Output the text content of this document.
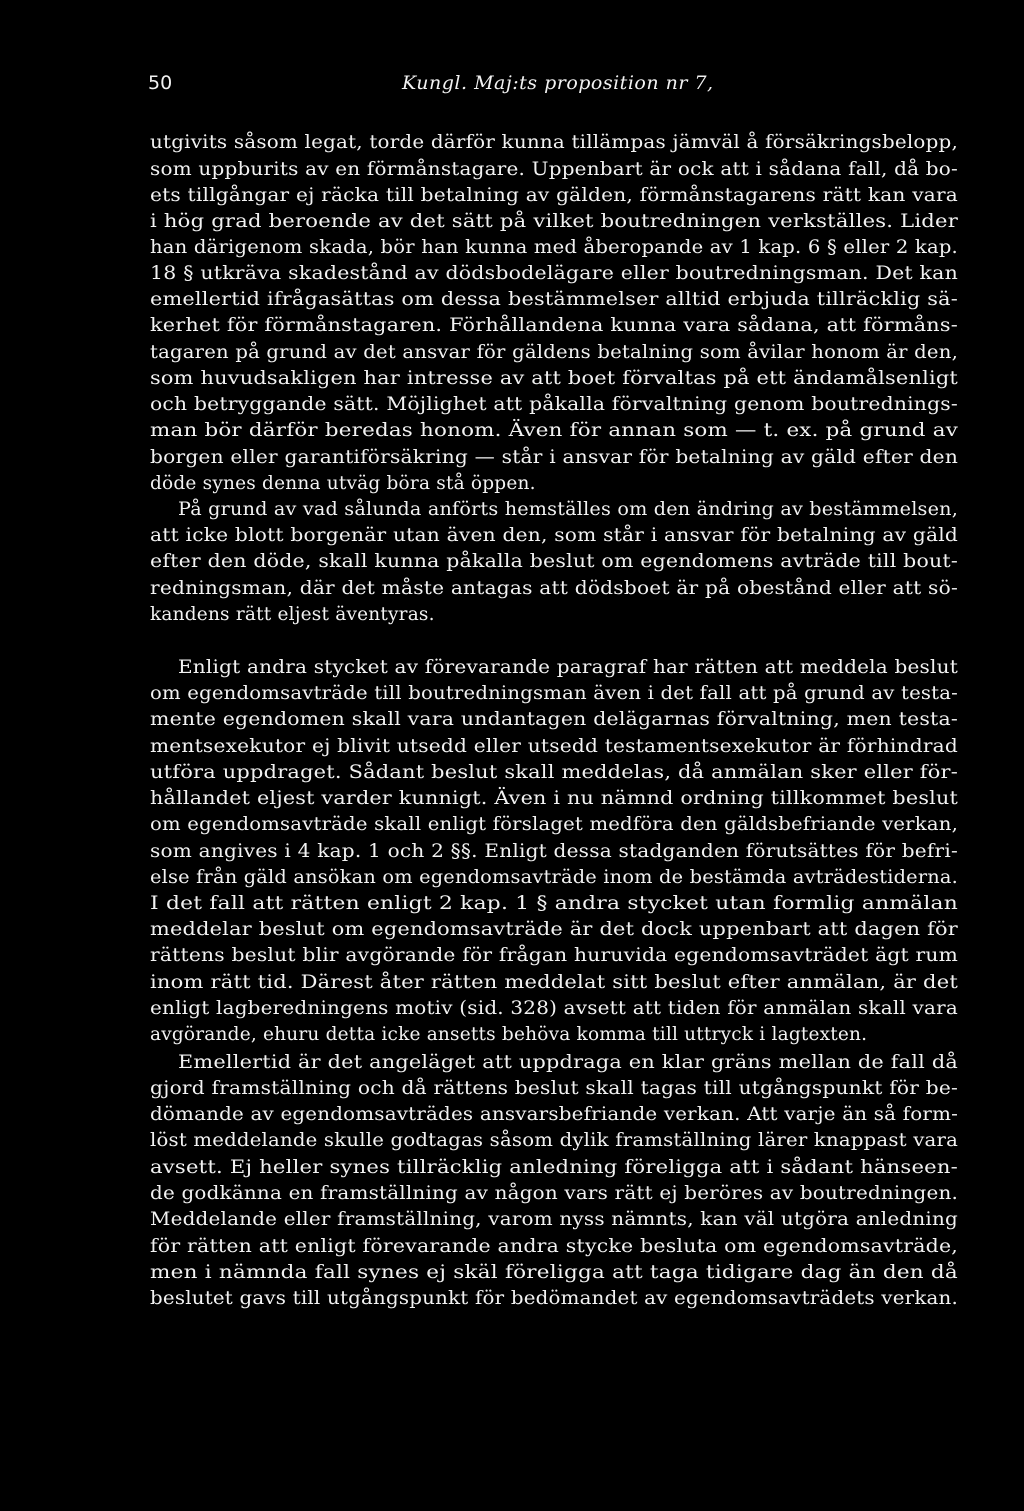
50	Kungl. Maj:ts proposition nr 7,
utgivits såsom legat, torde därför kunna tillämpas jämväl å försäkringsbelopp,
som uppburits av en förmånstagare. Uppenbart är ock att i sådana fall, då bo-
ets tillgångar ej räcka till betalning av gälden, förmånstagarens rätt kan vara
i hög grad beroende av det sätt på vilket boutredningen verkställes. Lider
han därigenom skada, bör han kunna med åberopande av 1 kap. 6 § eller 2 kap.
18 § utkräva skadestånd av dödsbodelägare eller boutredningsman. Det kan
emellertid ifrågasättas om dessa bestämmelser alltid erbjuda tillräcklig sä-
kerhet för förmånstagaren. Förhållandena kunna vara sådana, att förmåns-
tagaren på grund av det ansvar för gäldens betalning som åvilar honom är den,
som huvudsakligen har intresse av att boet förvaltas på ett ändamålsenligt
och betryggande sätt. Möjlighet att påkalla förvaltning genom boutrednings-
man bör därför beredas honom. Även för annan som — t. ex. på grund av
borgen eller garantiförsäkring — står i ansvar för betalning av gäld efter den
döde synes denna utväg böra stå öppen.
På grund av vad sålunda anförts hemställes om den ändring av bestämmelsen,
att icke blott borgenär utan även den, som står i ansvar för betalning av gäld
efter den döde, skall kunna påkalla beslut om egendomens avträde till bout-
redningsman, där det måste antagas att dödsboet är på obestånd eller att sö-
kandens rätt eljest äventyras.
Enligt andra stycket av förevarande paragraf har rätten att meddela beslut
om egendomsavträde till boutredningsman även i det fall att på grund av testa-
mente egendomen skall vara undantagen delägarnas förvaltning, men testa-
mentsexekutor ej blivit utsedd eller utsedd testamentsexekutor är förhindrad
utföra uppdraget. Sådant beslut skall meddelas, då anmälan sker eller för-
hållandet eljest varder kunnigt. Även i nu nämnd ordning tillkommet beslut
om egendomsavträde skall enligt förslaget medföra den gäldsbefriande verkan,
som angives i 4 kap. 1 och 2 §§. Enligt dessa stadganden förutsättes för befri-
else från gäld ansökan om egendomsavträde inom de bestämda avträdestiderna.
I det fall att rätten enligt 2 kap. 1 § andra stycket utan formlig anmälan
meddelar beslut om egendomsavträde är det dock uppenbart att dagen för
rättens beslut blir avgörande för frågan huruvida egendomsavträdet ägt rum
inom rätt tid. Därest åter rätten meddelat sitt beslut efter anmälan, är det
enligt lagberedningens motiv (sid. 328) avsett att tiden för anmälan skall vara
avgörande, ehuru detta icke ansetts behöva komma till uttryck i lagtexten.
Emellertid är det angeläget att uppdraga en klar gräns mellan de fall då
gjord framställning och då rättens beslut skall tagas till utgångspunkt för be-
dömande av egendomsavträdes ansvarsbefriande verkan. Att varje än så form-
löst meddelande skulle godtagas såsom dylik framställning lärer knappast vara
avsett. Ej heller synes tillräcklig anledning föreligga att i sådant hänseen-
de godkänna en framställning av någon vars rätt ej beröres av boutredningen.
Meddelande eller framställning, varom nyss nämnts, kan väl utgöra anledning
för rätten att enligt förevarande andra stycke besluta om egendomsavträde,
men i nämnda fall synes ej skäl föreligga att taga tidigare dag än den då
beslutet gavs till utgångspunkt för bedömandet av egendomsavträdets verkan.
